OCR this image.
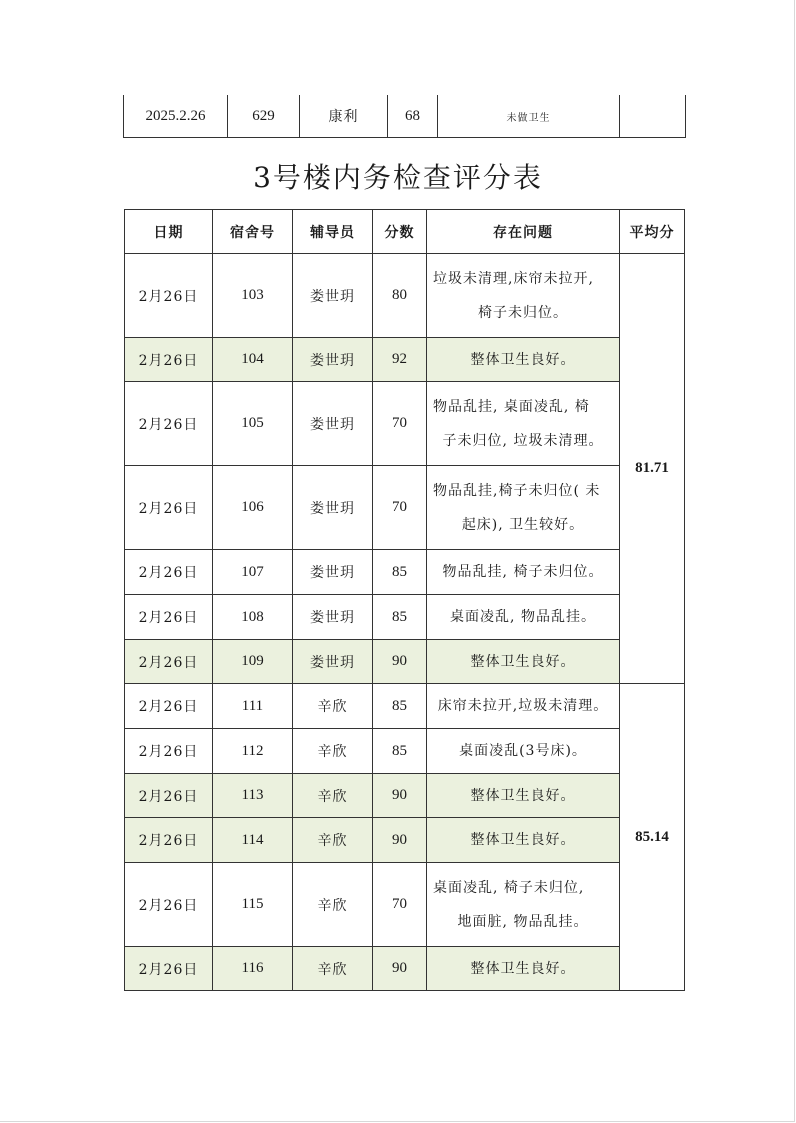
2025.2.26	629	康利	68	未做卫生	
3号楼内务检查评分表
日期	宿舍号	辅导员	分数	存在问题	平均分
2月26日	103	娄世玥	80	垃圾未清理,床帘未拉开,
椅子未归位。	81.71
2月26日	104	娄世玥	92	整体卫生良好。	

2月26日	105	娄世玥	70	物品乱挂, 桌面凌乱, 椅
子未归位, 垃圾未清理。	

2月26日	106	娄世玥	70	物品乱挂,椅子未归位( 未
起床), 卫生较好。	

2月26日	107	娄世玥	85	物品乱挂, 椅子未归位。	

2月26日	108	娄世玥	85	桌面凌乱, 物品乱挂。	

2月26日	109	娄世玥	90	整体卫生良好。	

2月26日	111	辛欣	85	床帘未拉开,垃圾未清理。	85.14
2月26日	112	辛欣	85	桌面凌乱(3号床)。	

2月26日	113	辛欣	90	整体卫生良好。	

2月26日	114	辛欣	90	整体卫生良好。	

2月26日	115	辛欣	70	桌面凌乱, 椅子未归位,
地面脏, 物品乱挂。	

2月26日	116	辛欣	90	整体卫生良好。	
